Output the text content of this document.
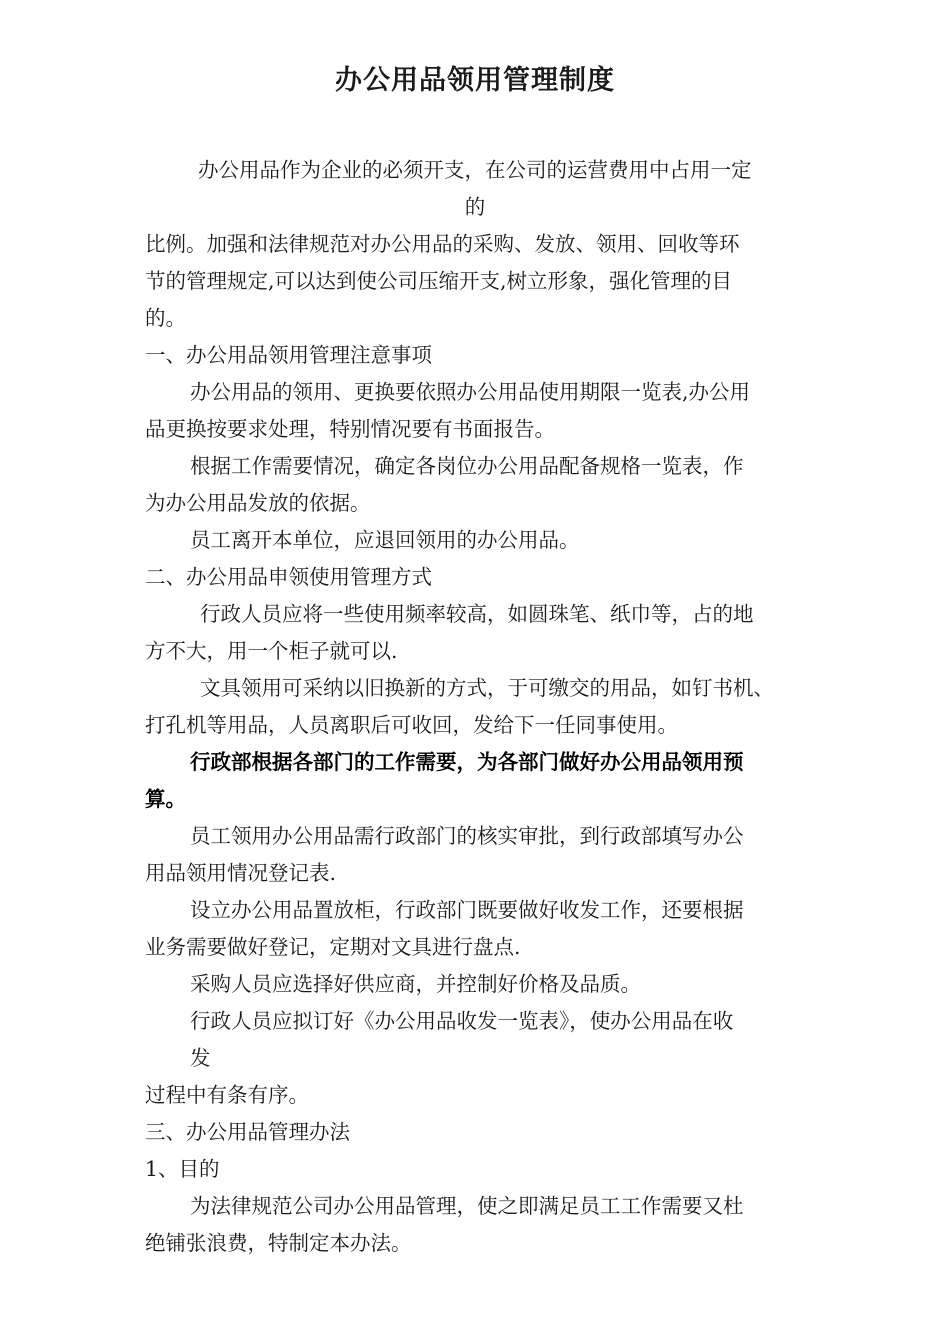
办公用品领用管理制度
办公用品作为企业的必须开支，在公司的运营费用中占用一定
的
比例。加强和法律规范对办公用品的采购、发放、领用、回收等环
节的管理规定,可以达到使公司压缩开支,树立形象，强化管理的目
的。
一、办公用品领用管理注意事项
办公用品的领用、更换要依照办公用品使用期限一览表,办公用
品更换按要求处理，特别情况要有书面报告。
根据工作需要情况，确定各岗位办公用品配备规格一览表，作
为办公用品发放的依据。
员工离开本单位，应退回领用的办公用品。
二、办公用品申领使用管理方式
行政人员应将一些使用频率较高，如圆珠笔、纸巾等，占的地
方不大，用一个柜子就可以.
文具领用可采纳以旧换新的方式，于可缴交的用品，如钉书机、
打孔机等用品，人员离职后可收回，发给下一任同事使用。
行政部根据各部门的工作需要，为各部门做好办公用品领用预
算。
员工领用办公用品需行政部门的核实审批，到行政部填写办公
用品领用情况登记表.
设立办公用品置放柜，行政部门既要做好收发工作，还要根据
业务需要做好登记，定期对文具进行盘点.
采购人员应选择好供应商，并控制好价格及品质。
行政人员应拟订好《办公用品收发一览表》，使办公用品在收
发
过程中有条有序。
三、办公用品管理办法
1、目的
为法律规范公司办公用品管理，使之即满足员工工作需要又杜
绝铺张浪费，特制定本办法。
